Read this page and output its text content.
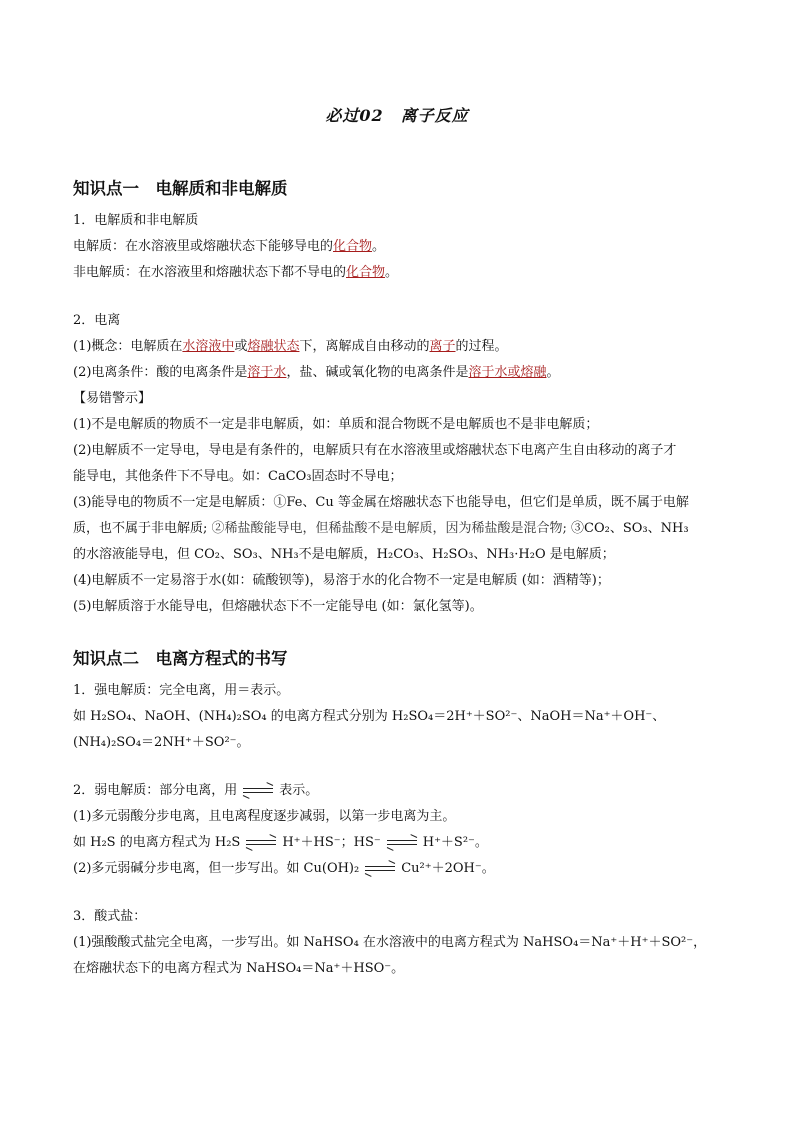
必过02　离子反应
知识点一　电解质和非电解质
1．电解质和非电解质
电解质：在水溶液里或熔融状态下能够导电的化合物。
非电解质：在水溶液里和熔融状态下都不导电的化合物。
2．电离
(1)概念：电解质在水溶液中或熔融状态下，离解成自由移动的离子的过程。
(2)电离条件：酸的电离条件是溶于水，盐、碱或氧化物的电离条件是溶于水或熔融。
【易错警示】
(1)不是电解质的物质不一定是非电解质，如：单质和混合物既不是电解质也不是非电解质；
(2)电解质不一定导电，导电是有条件的，电解质只有在水溶液里或熔融状态下电离产生自由移动的离子才
能导电，其他条件下不导电。如：CaCO₃固态时不导电；
(3)能导电的物质不一定是电解质：①Fe、Cu 等金属在熔融状态下也能导电，但它们是单质，既不属于电解
质，也不属于非电解质; ②稀盐酸能导电，但稀盐酸不是电解质，因为稀盐酸是混合物; ③CO₂、SO₃、NH₃
的水溶液能导电，但 CO₂、SO₃、NH₃不是电解质，H₂CO₃、H₂SO₃、NH₃·H₂O 是电解质；
(4)电解质不一定易溶于水(如：硫酸钡等)，易溶于水的化合物不一定是电解质 (如：酒精等)；
(5)电解质溶于水能导电，但熔融状态下不一定能导电 (如：氯化氢等)。
知识点二　电离方程式的书写
1．强电解质：完全电离，用＝表示。
如 H₂SO₄、NaOH、(NH₄)₂SO₄ 的电离方程式分别为 H₂SO₄＝2H⁺＋SO²⁻、NaOH＝Na⁺＋OH⁻、
(NH₄)₂SO₄＝2NH⁺＋SO²⁻。
2．弱电解质：部分电离，用	表示。
(1)多元弱酸分步电离，且电离程度逐步减弱，以第一步电离为主。
如 H₂S 的电离方程式为 H₂S	H⁺＋HS⁻；HS⁻	H⁺＋S²⁻。
(2)多元弱碱分步电离，但一步写出。如 Cu(OH)₂	Cu²⁺＋2OH⁻。
3．酸式盐：
(1)强酸酸式盐完全电离，一步写出。如 NaHSO₄ 在水溶液中的电离方程式为 NaHSO₄＝Na⁺＋H⁺＋SO²⁻，
在熔融状态下的电离方程式为 NaHSO₄＝Na⁺＋HSO⁻。
